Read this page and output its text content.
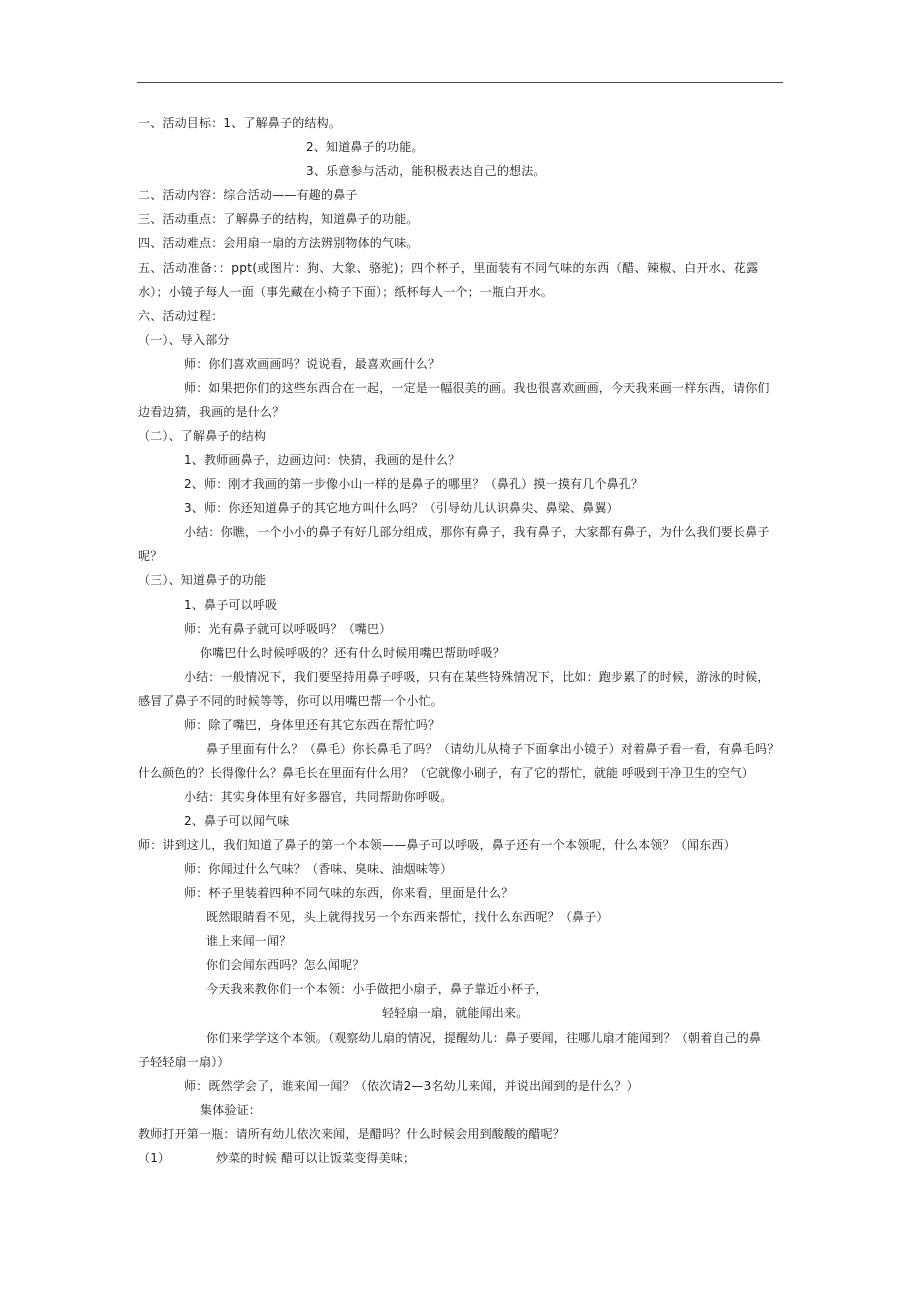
一、活动目标：1、了解鼻子的结构。
2、知道鼻子的功能。
3、乐意参与活动，能积极表达自己的想法。
二、活动内容：综合活动——有趣的鼻子
三、活动重点：了解鼻子的结构，知道鼻子的功能。
四、活动难点：会用扇一扇的方法辨别物体的气味。
五、活动准备：：ppt(或图片：狗、大象、骆驼)；四个杯子，里面装有不同气味的东西（醋、辣椒、白开水、花露
水）；小镜子每人一面（事先藏在小椅子下面）；纸杯每人一个；一瓶白开水。
六、活动过程：
（一）、导入部分
师：你们喜欢画画吗？说说看，最喜欢画什么？
师：如果把你们的这些东西合在一起，一定是一幅很美的画。我也很喜欢画画，今天我来画一样东西，请你们
边看边猜，我画的是什么？
（二）、了解鼻子的结构
1、教师画鼻子，边画边问：快猜，我画的是什么？
2、师：刚才我画的第一步像小山一样的是鼻子的哪里？（鼻孔）摸一摸有几个鼻孔？
3、师：你还知道鼻子的其它地方叫什么吗？（引导幼儿认识鼻尖、鼻梁、鼻翼）
小结：你瞧，一个小小的鼻子有好几部分组成，那你有鼻子，我有鼻子，大家都有鼻子，为什么我们要长鼻子
呢？
（三）、知道鼻子的功能
1、鼻子可以呼吸
师：光有鼻子就可以呼吸吗？（嘴巴）
你嘴巴什么时候呼吸的？还有什么时候用嘴巴帮助呼吸？
小结：一般情况下，我们要坚持用鼻子呼吸，只有在某些特殊情况下，比如：跑步累了的时候，游泳的时候，
感冒了鼻子不同的时候等等，你可以用嘴巴帮一个小忙。
师：除了嘴巴，身体里还有其它东西在帮忙吗？
鼻子里面有什么？（鼻毛）你长鼻毛了吗？（请幼儿从椅子下面拿出小镜子）对着鼻子看一看，有鼻毛吗？
什么颜色的？长得像什么？鼻毛长在里面有什么用？（它就像小刷子，有了它的帮忙，就能 呼吸到干净卫生的空气）
小结：其实身体里有好多器官，共同帮助你呼吸。
2、鼻子可以闻气味
师：讲到这儿，我们知道了鼻子的第一个本领——鼻子可以呼吸，鼻子还有一个本领呢，什么本领？（闻东西）
师：你闻过什么气味？（香味、臭味、油烟味等）
师：杯子里装着四种不同气味的东西，你来看，里面是什么？
既然眼睛看不见，头上就得找另一个东西来帮忙，找什么东西呢？（鼻子）
谁上来闻一闻？
你们会闻东西吗？怎么闻呢？
今天我来教你们一个本领：小手做把小扇子，鼻子靠近小杯子，
轻轻扇一扇，就能闻出来。
你们来学学这个本领。（观察幼儿扇的情况，提醒幼儿：鼻子要闻，往哪儿扇才能闻到？（朝着自己的鼻
子轻轻扇一扇））
师：既然学会了，谁来闻一闻？（依次请2—3名幼儿来闻，并说出闻到的是什么？）
集体验证：
教师打开第一瓶：请所有幼儿依次来闻，是醋吗？什么时候会用到酸酸的醋呢？
（1）	炒菜的时候 醋可以让饭菜变得美味；
